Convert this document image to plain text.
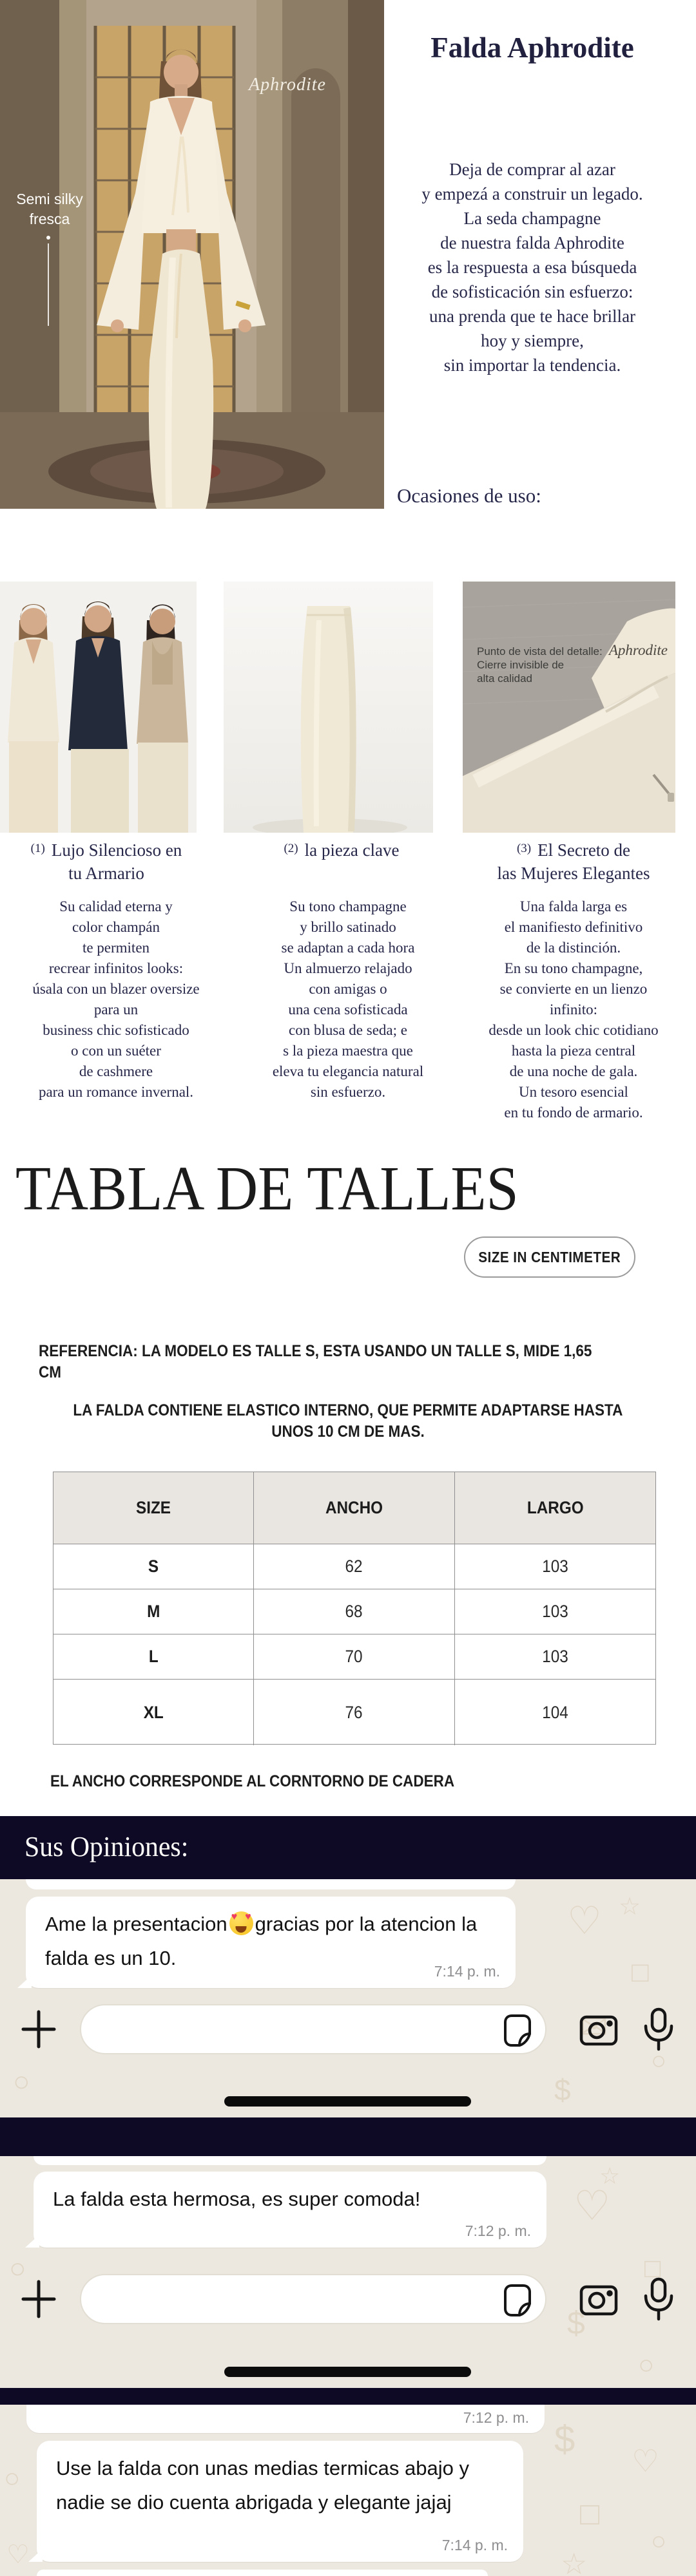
Aphrodite
Semi silky
fresca
Falda Aphrodite
Deja de comprar al azar
y empezá a construir un legado.
La seda champagne
de nuestra falda Aphrodite
es la respuesta a esa búsqueda
de sofisticación sin esfuerzo:
una prenda que te hace brillar
hoy y siempre,
sin importar la tendencia.
Ocasiones de uso:
Punto de vista del detalle:
Cierre invisible de
alta calidad
Aphrodite
$^{(1)}$ Lujo Silencioso en
tu Armario
$^{(2)}$ la pieza clave	$^{(3)}$ El Secreto de
las Mujeres Elegantes
Su calidad eterna y
color champán
te permiten
recrear infinitos looks:
úsala con un blazer oversize
para un
business chic sofisticado
o con un suéter
de cashmere
para un romance invernal.
Su tono champagne
y brillo satinado
se adaptan a cada hora
Un almuerzo relajado
con amigas o
una cena sofisticada
con blusa de seda; e
s la pieza maestra que
eleva tu elegancia natural
sin esfuerzo.
Una falda larga es
el manifiesto definitivo
de la distinción.
En su tono champagne,
se convierte en un lienzo
infinito:
desde un look chic cotidiano
hasta la pieza central
de una noche de gala.
Un tesoro esencial
en tu fondo de armario.
TABLA DE TALLES
SIZE IN CENTIMETER
REFERENCIA: LA MODELO ES TALLE S, ESTA USANDO UN TALLE S, MIDE 1,65 CM
LA FALDA CONTIENE ELASTICO INTERNO, QUE PERMITE ADAPTARSE HASTA
UNOS 10 CM DE MAS.
SIZE	ANCHO	LARGO
S	62	103
M	68	103
L	70	103
XL	76	104
EL ANCHO CORRESPONDE AL CORNTORNO DE CADERA
Sus Opiniones:
♡
□
✉
○
$
○
☆
Ame la presentacion ♥ ♥ gracias por la atencion la falda es un 10.
7:14 p. m.
♡
□
$
○
○
☆
La falda esta hermosa, es super comoda!
7:12 p. m.
$
♡
□
○
☆
○
♡
7:12 p. m.
Use la falda con unas medias termicas abajo y nadie se dio cuenta abrigada y elegante jajaj
7:14 p. m.
